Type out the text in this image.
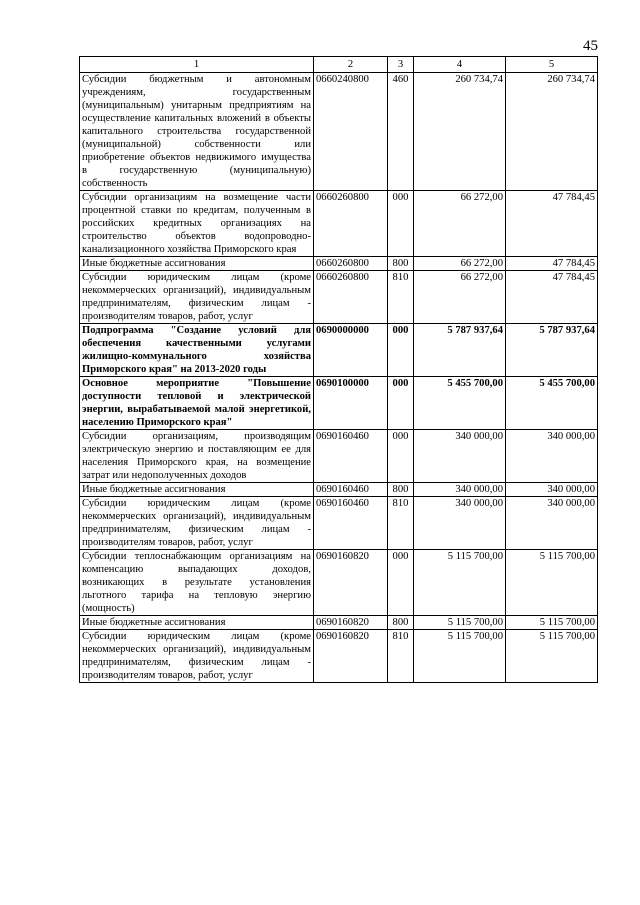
45
1	2	3	4	5
Субсидии бюджетным и автономным учреждениям, государственным (муниципальным) унитарным предприятиям на осуществление капитальных вложений в объекты капитального строительства государственной (муниципальной) собственности или приобретение объектов недвижимого имущества в государственную (муниципальную) собственность	0660240800	460	260 734,74	260 734,74
Субсидии организациям на возмещение части процентной ставки по кредитам, полученным в российских кредитных организациях на строительство объектов водопроводно-канализационного хозяйства Приморского края	0660260800	000	66 272,00	47 784,45
Иные бюджетные ассигнования	0660260800	800	66 272,00	47 784,45
Субсидии юридическим лицам (кроме некоммерческих организаций), индивидуальным предпринимателям, физическим лицам - производителям товаров, работ, услуг	0660260800	810	66 272,00	47 784,45
Подпрограмма "Создание условий для обеспечения качественными услугами жилищно-коммунального хозяйства Приморского края" на 2013-2020 годы	0690000000	000	5 787 937,64	5 787 937,64
Основное мероприятие "Повышение доступности тепловой и электрической энергии, вырабатываемой малой энергетикой, населению Приморского края"	0690100000	000	5 455 700,00	5 455 700,00
Субсидии организациям, производящим электрическую энергию и поставляющим ее для населения Приморского края, на возмещение затрат или недополученных доходов	0690160460	000	340 000,00	340 000,00
Иные бюджетные ассигнования	0690160460	800	340 000,00	340 000,00
Субсидии юридическим лицам (кроме некоммерческих организаций), индивидуальным предпринимателям, физическим лицам - производителям товаров, работ, услуг	0690160460	810	340 000,00	340 000,00
Субсидии теплоснабжающим организациям на компенсацию выпадающих доходов, возникающих в результате установления льготного тарифа на тепловую энергию (мощность)	0690160820	000	5 115 700,00	5 115 700,00
Иные бюджетные ассигнования	0690160820	800	5 115 700,00	5 115 700,00
Субсидии юридическим лицам (кроме некоммерческих организаций), индивидуальным предпринимателям, физическим лицам - производителям товаров, работ, услуг	0690160820	810	5 115 700,00	5 115 700,00
